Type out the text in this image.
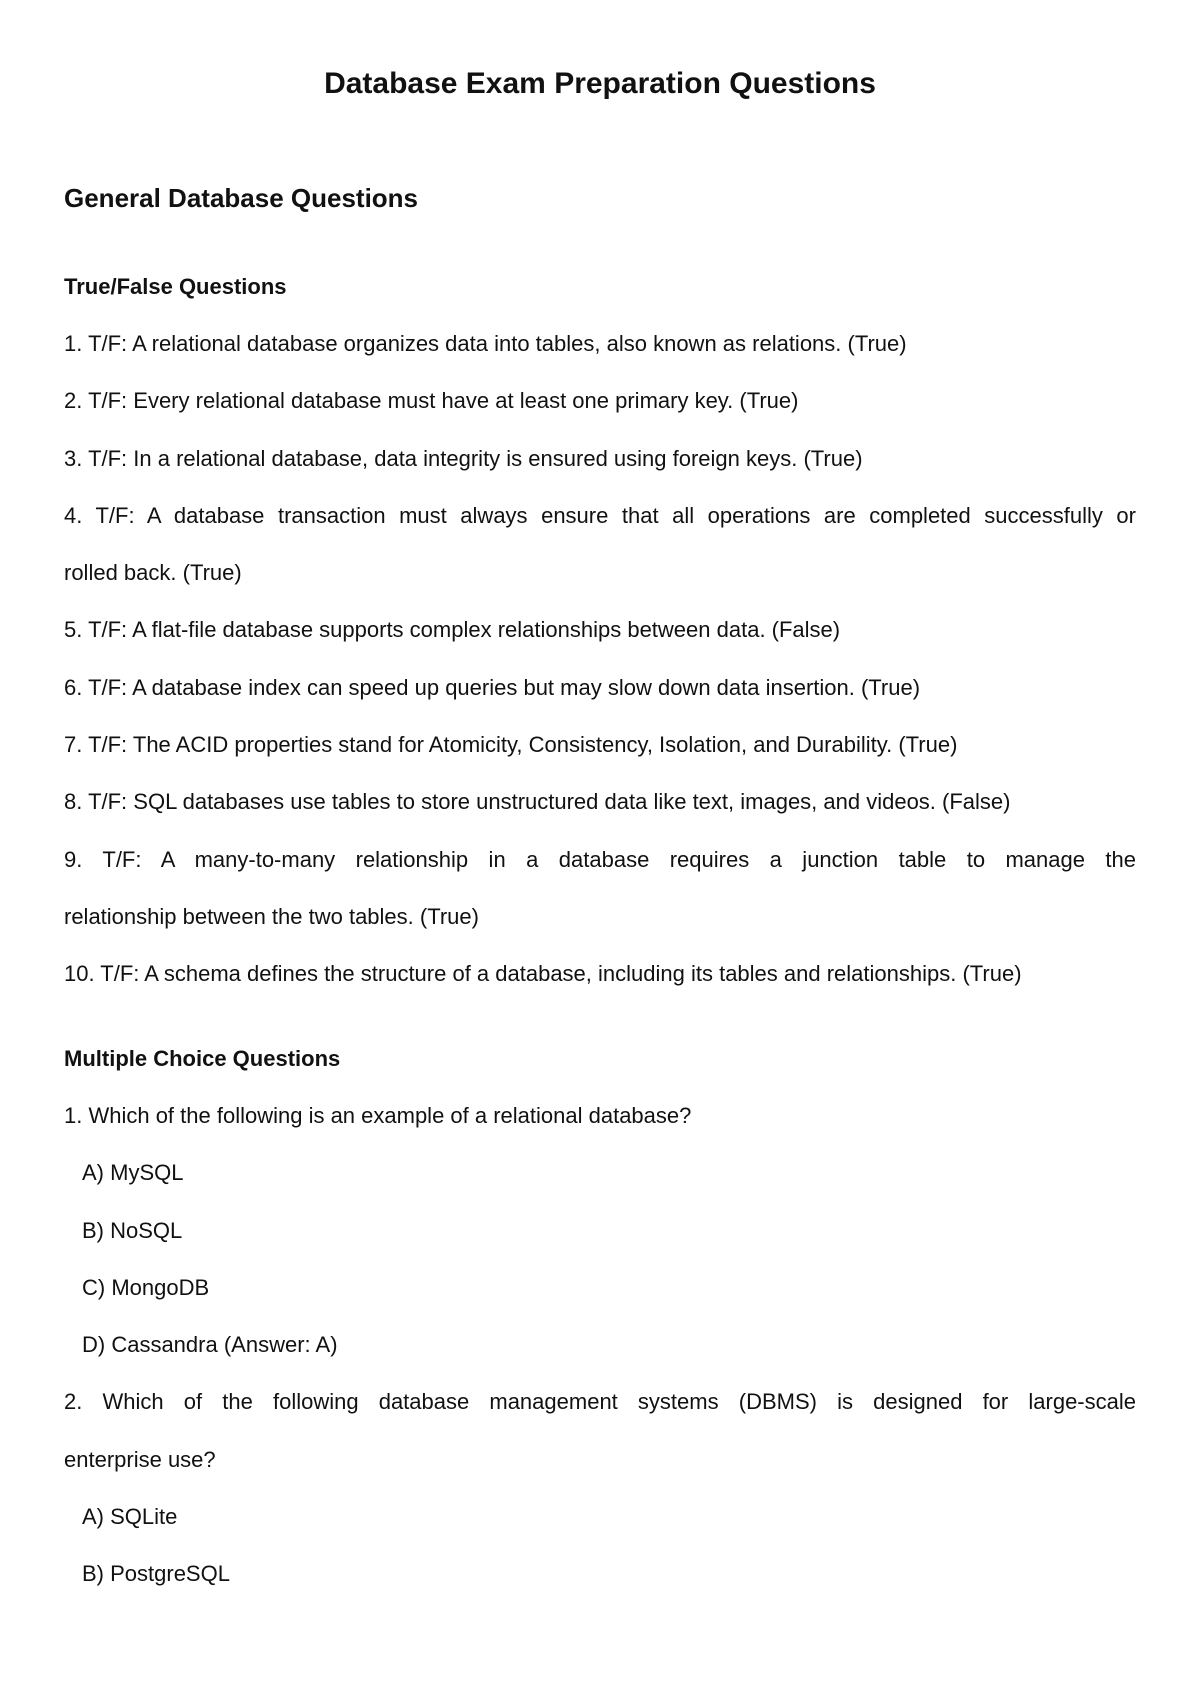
Database Exam Preparation Questions
General Database Questions
True/False Questions
1. T/F: A relational database organizes data into tables, also known as relations. (True)
2. T/F: Every relational database must have at least one primary key. (True)
3. T/F: In a relational database, data integrity is ensured using foreign keys. (True)
4. T/F: A database transaction must always ensure that all operations are completed successfully or
rolled back. (True)
5. T/F: A flat-file database supports complex relationships between data. (False)
6. T/F: A database index can speed up queries but may slow down data insertion. (True)
7. T/F: The ACID properties stand for Atomicity, Consistency, Isolation, and Durability. (True)
8. T/F: SQL databases use tables to store unstructured data like text, images, and videos. (False)
9. T/F: A many-to-many relationship in a database requires a junction table to manage the
relationship between the two tables. (True)
10. T/F: A schema defines the structure of a database, including its tables and relationships. (True)
Multiple Choice Questions
1. Which of the following is an example of a relational database?
A) MySQL
B) NoSQL
C) MongoDB
D) Cassandra (Answer: A)
2. Which of the following database management systems (DBMS) is designed for large-scale
enterprise use?
A) SQLite
B) PostgreSQL
